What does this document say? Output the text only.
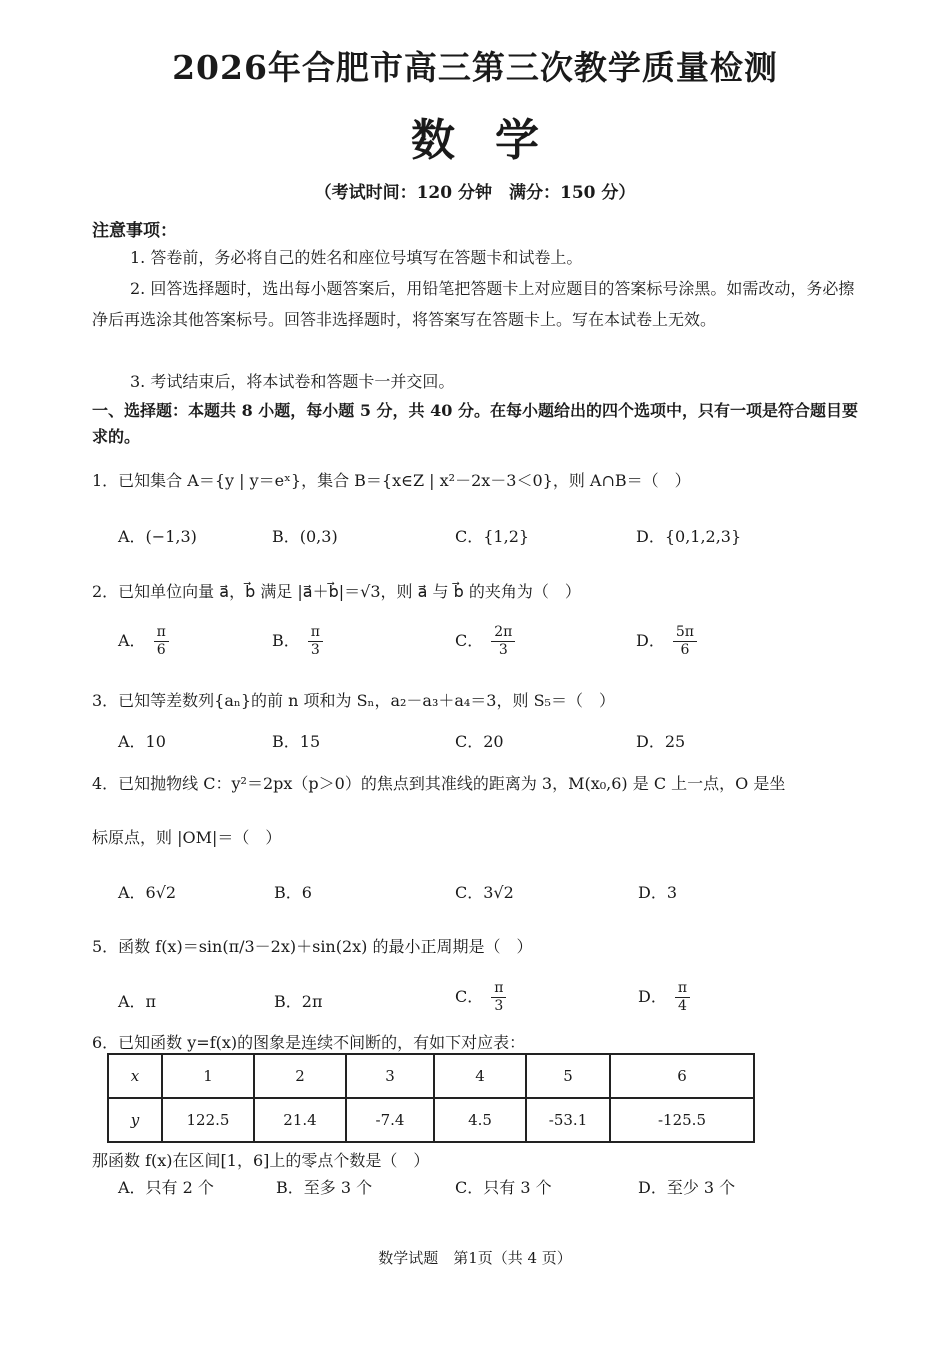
2026年合肥市高三第三次教学质量检测
数学
（考试时间：120 分钟　满分：150 分）
注意事项：
1. 答卷前，务必将自己的姓名和座位号填写在答题卡和试卷上。
2. 回答选择题时，选出每小题答案后，用铅笔把答题卡上对应题目的答案标号涂黑。如需改动，务必擦净后再选涂其他答案标号。回答非选择题时，将答案写在答题卡上。写在本试卷上无效。
3. 考试结束后，将本试卷和答题卡一并交回。
一、选择题：本题共 8 小题，每小题 5 分，共 40 分。在每小题给出的四个选项中，只有一项是符合题目要求的。
1．已知集合 A＝{y | y＝eˣ}，集合 B＝{x∈Z | x²－2x－3＜0}，则 A∩B＝（　）
A．(−1,3)	B．(0,3)	C．{1,2}	D．{0,1,2,3}
2．已知单位向量 a⃗，b⃗ 满足 |a⃗＋b⃗|＝√3，则 a⃗ 与 b⃗ 的夹角为（　）
A． $\frac{\pi}{6}$	B． $\frac{\pi}{3}$	C． $\frac{2\pi}{3}$	D． $\frac{5\pi}{6}$
3．已知等差数列{aₙ}的前 n 项和为 Sₙ，a₂－a₃＋a₄＝3，则 S₅＝（　）
A．10	B．15	C．20	D．25
4．已知抛物线 C：y²＝2px（p＞0）的焦点到其准线的距离为 3，M(x₀,6) 是 C 上一点，O 是坐
标原点，则 |OM|＝（　）
A．6√2	B．6	C．3√2	D．3
5．函数 f(x)＝sin(π/3－2x)＋sin(2x) 的最小正周期是（　）
A．π	B．2π	C． $\frac{\pi}{3}$	D． $\frac{\pi}{4}$
6．已知函数 y=f(x)的图象是连续不间断的，有如下对应表：
x	1	2	3	4	5	6
y	122.5	21.4	-7.4	4.5	-53.1	-125.5
那函数 f(x)在区间[1，6]上的零点个数是（　）
A．只有 2 个	B．至多 3 个	C．只有 3 个	D．至少 3 个
数学试题　第1页（共 4 页）
